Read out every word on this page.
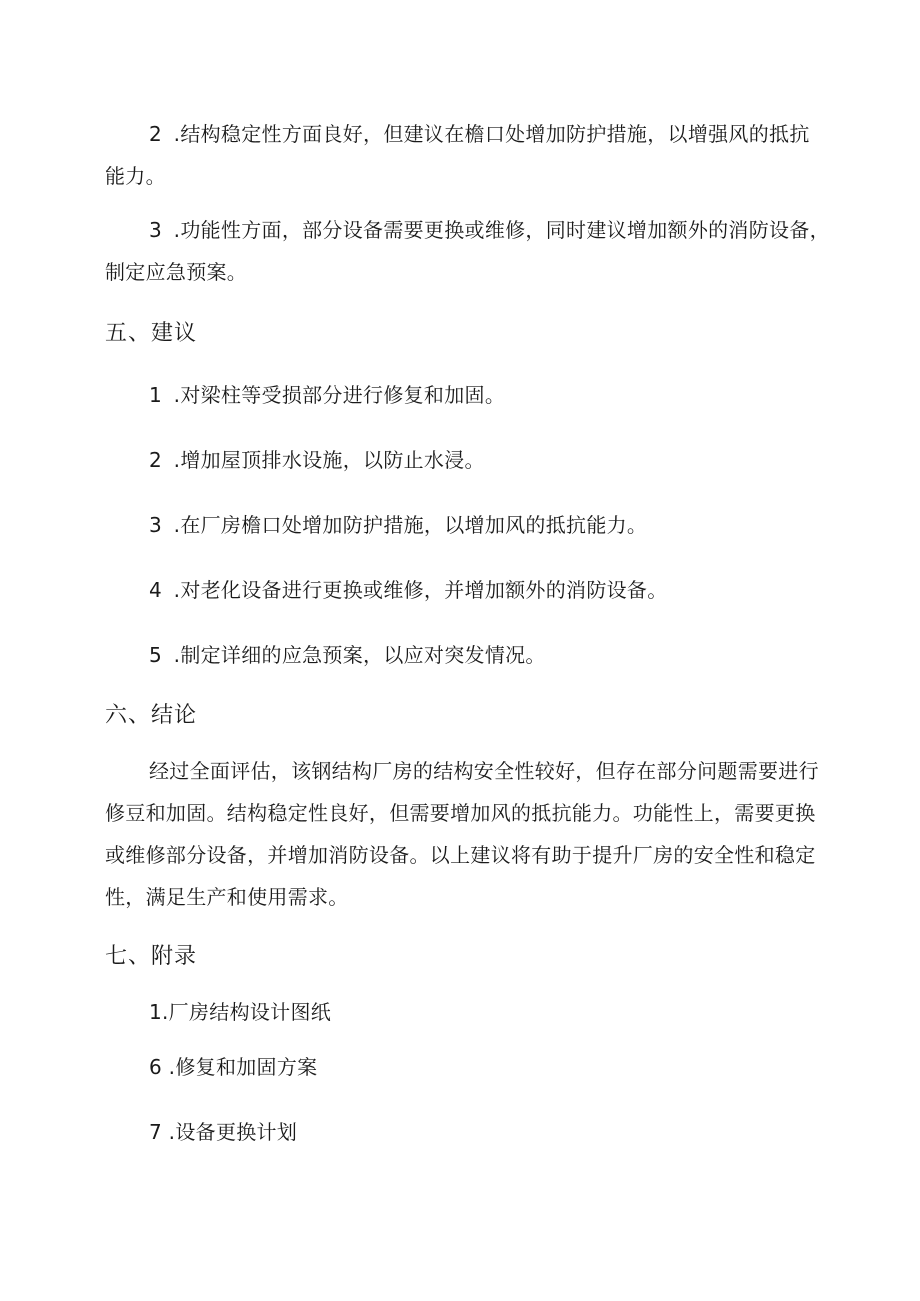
2 .结构稳定性方面良好，但建议在檐口处增加防护措施，以增强风的抵抗
能力。
3 .功能性方面，部分设备需要更换或维修，同时建议增加额外的消防设备，
制定应急预案。
五、建议
1 .对梁柱等受损部分进行修复和加固。
2 .增加屋顶排水设施，以防止水浸。
3 .在厂房檐口处增加防护措施，以增加风的抵抗能力。
4 .对老化设备进行更换或维修，并增加额外的消防设备。
5 .制定详细的应急预案，以应对突发情况。
六、结论
经过全面评估，该钢结构厂房的结构安全性较好，但存在部分问题需要进行
修豆和加固。结构稳定性良好，但需要增加风的抵抗能力。功能性上，需要更换
或维修部分设备，并增加消防设备。以上建议将有助于提升厂房的安全性和稳定
性，满足生产和使用需求。
七、附录
1.厂房结构设计图纸
6 .修复和加固方案
7 .设备更换计划
